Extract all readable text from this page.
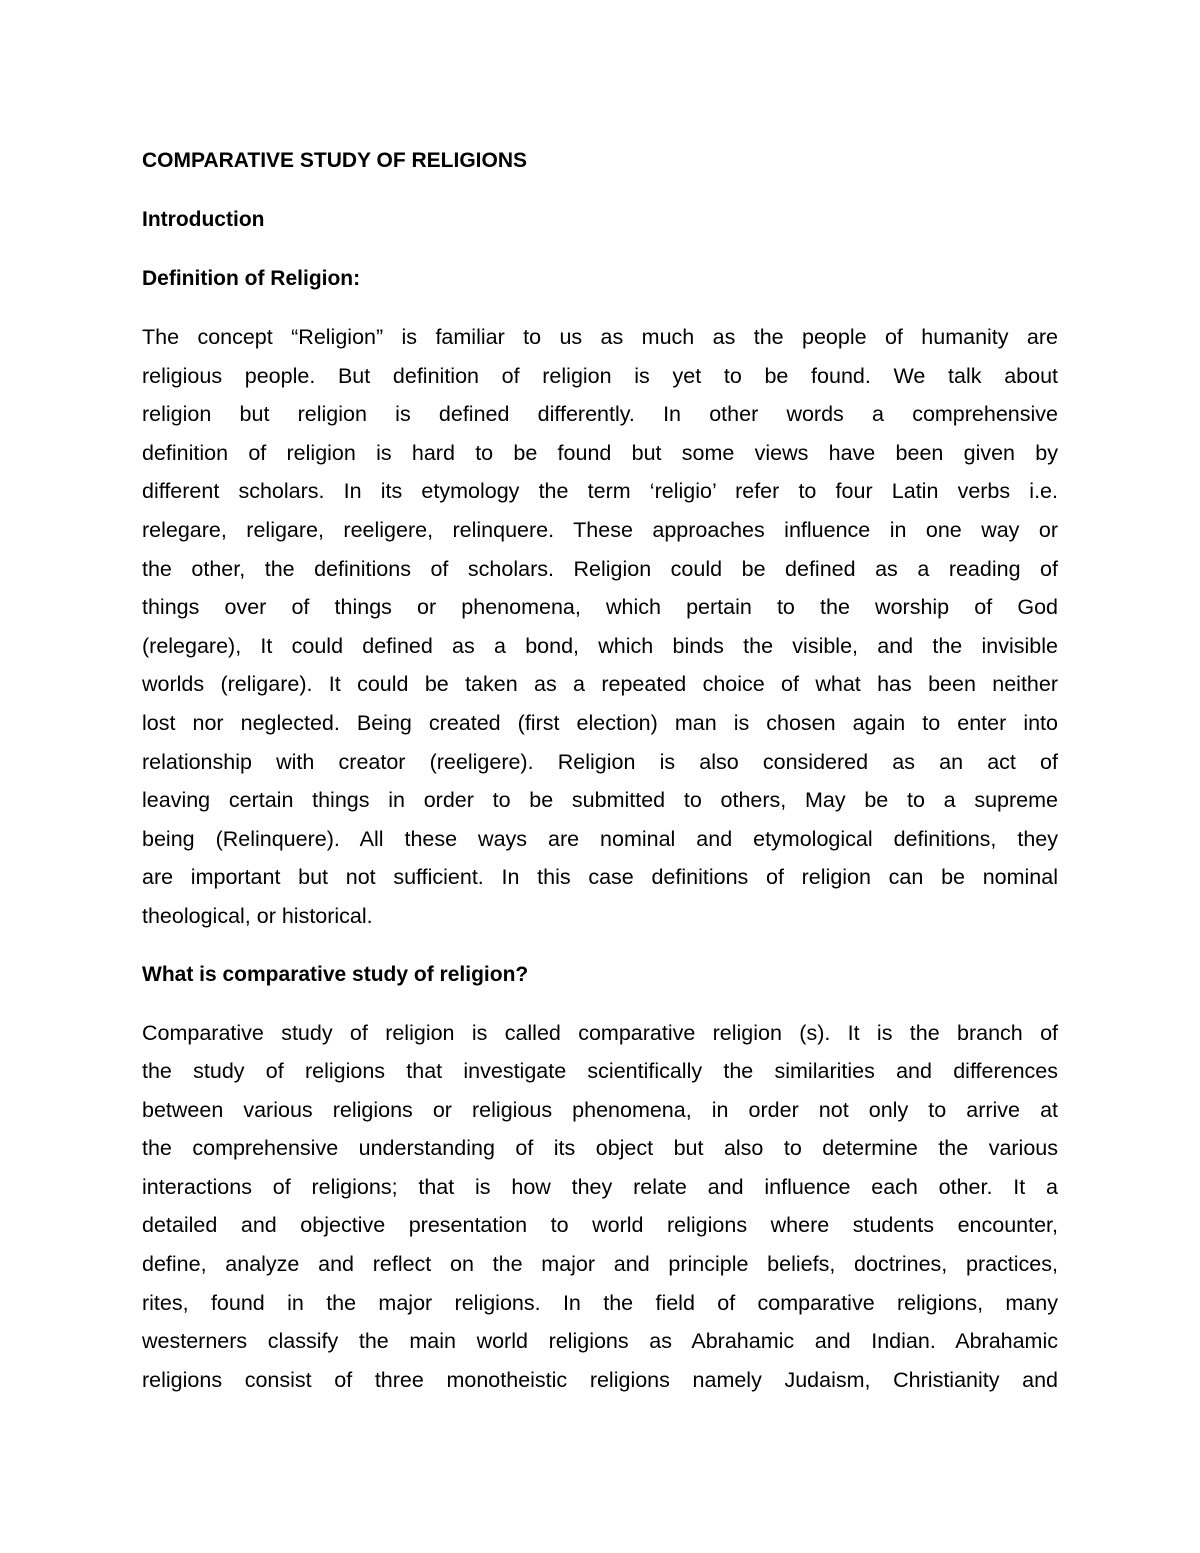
COMPARATIVE STUDY OF RELIGIONS

Introduction

Definition of Religion:

The concept “Religion” is familiar to us as much as the people of humanity are
religious people. But definition of religion is yet to be found. We talk about
religion but religion is defined differently. In other words a comprehensive
definition of religion is hard to be found but some views have been given by
different scholars. In its etymology the term ‘religio’ refer to four Latin verbs i.e.
relegare, religare, reeligere, relinquere. These approaches influence in one way or
the other, the definitions of scholars. Religion could be defined as a reading of
things over of things or phenomena, which pertain to the worship of God
(relegare), It could defined as a bond, which binds the visible, and the invisible
worlds (religare). It could be taken as a repeated choice of what has been neither
lost nor neglected. Being created (first election) man is chosen again to enter into
relationship with creator (reeligere). Religion is also considered as an act of
leaving certain things in order to be submitted to others, May be to a supreme
being (Relinquere). All these ways are nominal and etymological definitions, they
are important but not sufficient. In this case definitions of religion can be nominal
theological, or historical.

What is comparative study of religion?

Comparative study of religion is called comparative religion (s). It is the branch of
the study of religions that investigate scientifically the similarities and differences
between various religions or religious phenomena, in order not only to arrive at
the comprehensive understanding of its object but also to determine the various
interactions of religions; that is how they relate and influence each other. It a
detailed and objective presentation to world religions where students encounter,
define, analyze and reflect on the major and principle beliefs, doctrines, practices,
rites, found in the major religions. In the field of comparative religions, many
westerners classify the main world religions as Abrahamic and Indian. Abrahamic
religions consist of three monotheistic religions namely Judaism, Christianity and
